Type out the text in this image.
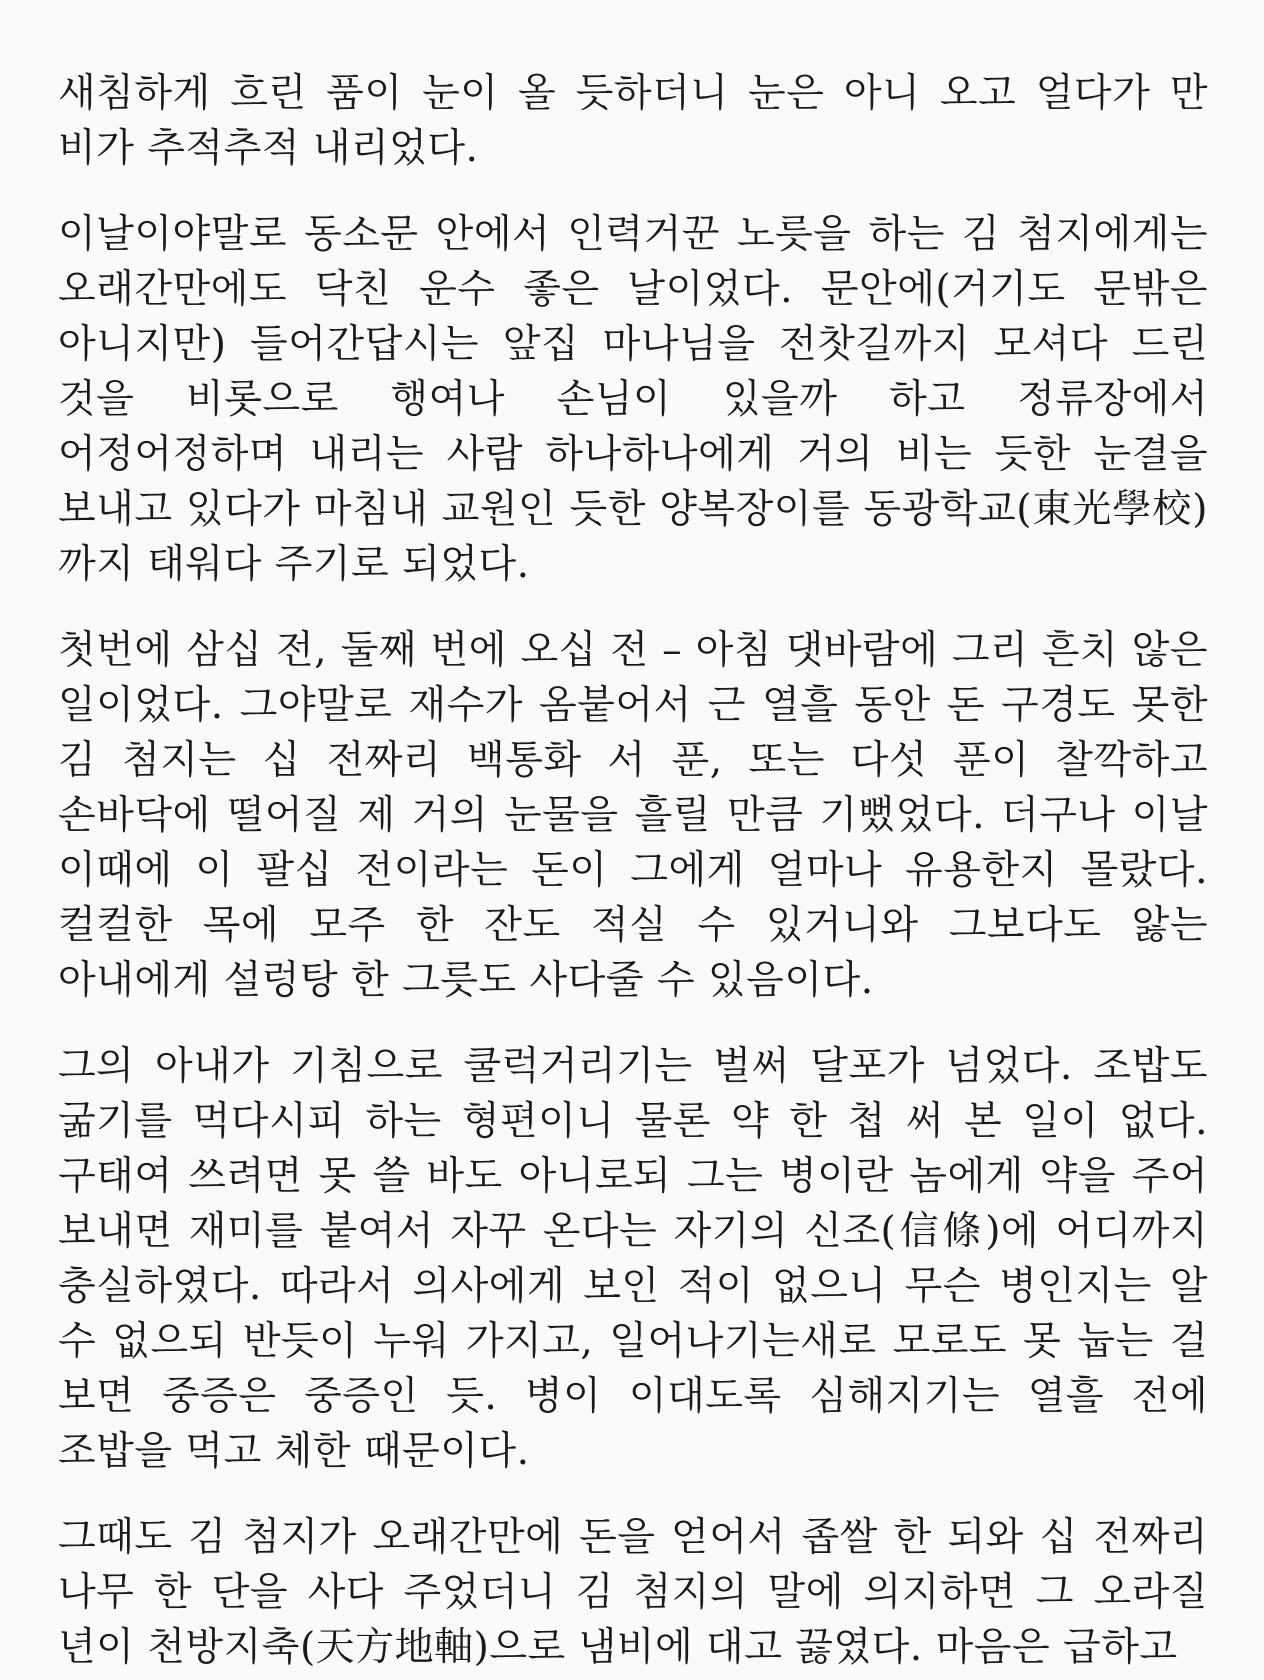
새침하게 흐린 품이 눈이 올 듯하더니 눈은 아니 오고 얼다가 만 비가 추적추적 내리었다.

이날이야말로 동소문 안에서 인력거꾼 노릇을 하는 김 첨지에게는 오래간만에도 닥친 운수 좋은 날이었다. 문안에(거기도 문밖은 아니지만) 들어간답시는 앞집 마나님을 전찻길까지 모셔다 드린 것을 비롯으로 행여나 손님이 있을까 하고 정류장에서 어정어정하며 내리는 사람 하나하나에게 거의 비는 듯한 눈결을 보내고 있다가 마침내 교원인 듯한 양복장이를 동광학교(東光學校)까지 태워다 주기로 되었다.

첫번에 삼십 전, 둘째 번에 오십 전 – 아침 댓바람에 그리 흔치 않은 일이었다. 그야말로 재수가 옴붙어서 근 열흘 동안 돈 구경도 못한 김 첨지는 십 전짜리 백통화 서 푼, 또는 다섯 푼이 찰깍하고 손바닥에 떨어질 제 거의 눈물을 흘릴 만큼 기뻤었다. 더구나 이날 이때에 이 팔십 전이라는 돈이 그에게 얼마나 유용한지 몰랐다. 컬컬한 목에 모주 한 잔도 적실 수 있거니와 그보다도 앓는 아내에게 설렁탕 한 그릇도 사다줄 수 있음이다.

그의 아내가 기침으로 쿨럭거리기는 벌써 달포가 넘었다. 조밥도 굶기를 먹다시피 하는 형편이니 물론 약 한 첩 써 본 일이 없다. 구태여 쓰려면 못 쓸 바도 아니로되 그는 병이란 놈에게 약을 주어 보내면 재미를 붙여서 자꾸 온다는 자기의 신조(信條)에 어디까지 충실하였다. 따라서 의사에게 보인 적이 없으니 무슨 병인지는 알 수 없으되 반듯이 누워 가지고, 일어나기는새로 모로도 못 눕는 걸 보면 중증은 중증인 듯. 병이 이대도록 심해지기는 열흘 전에 조밥을 먹고 체한 때문이다.

그때도 김 첨지가 오래간만에 돈을 얻어서 좁쌀 한 되와 십 전짜리 나무 한 단을 사다 주었더니 김 첨지의 말에 의지하면 그 오라질 년이 천방지축(天方地軸)으로 냄비에 대고 끓였다. 마음은 급하고
